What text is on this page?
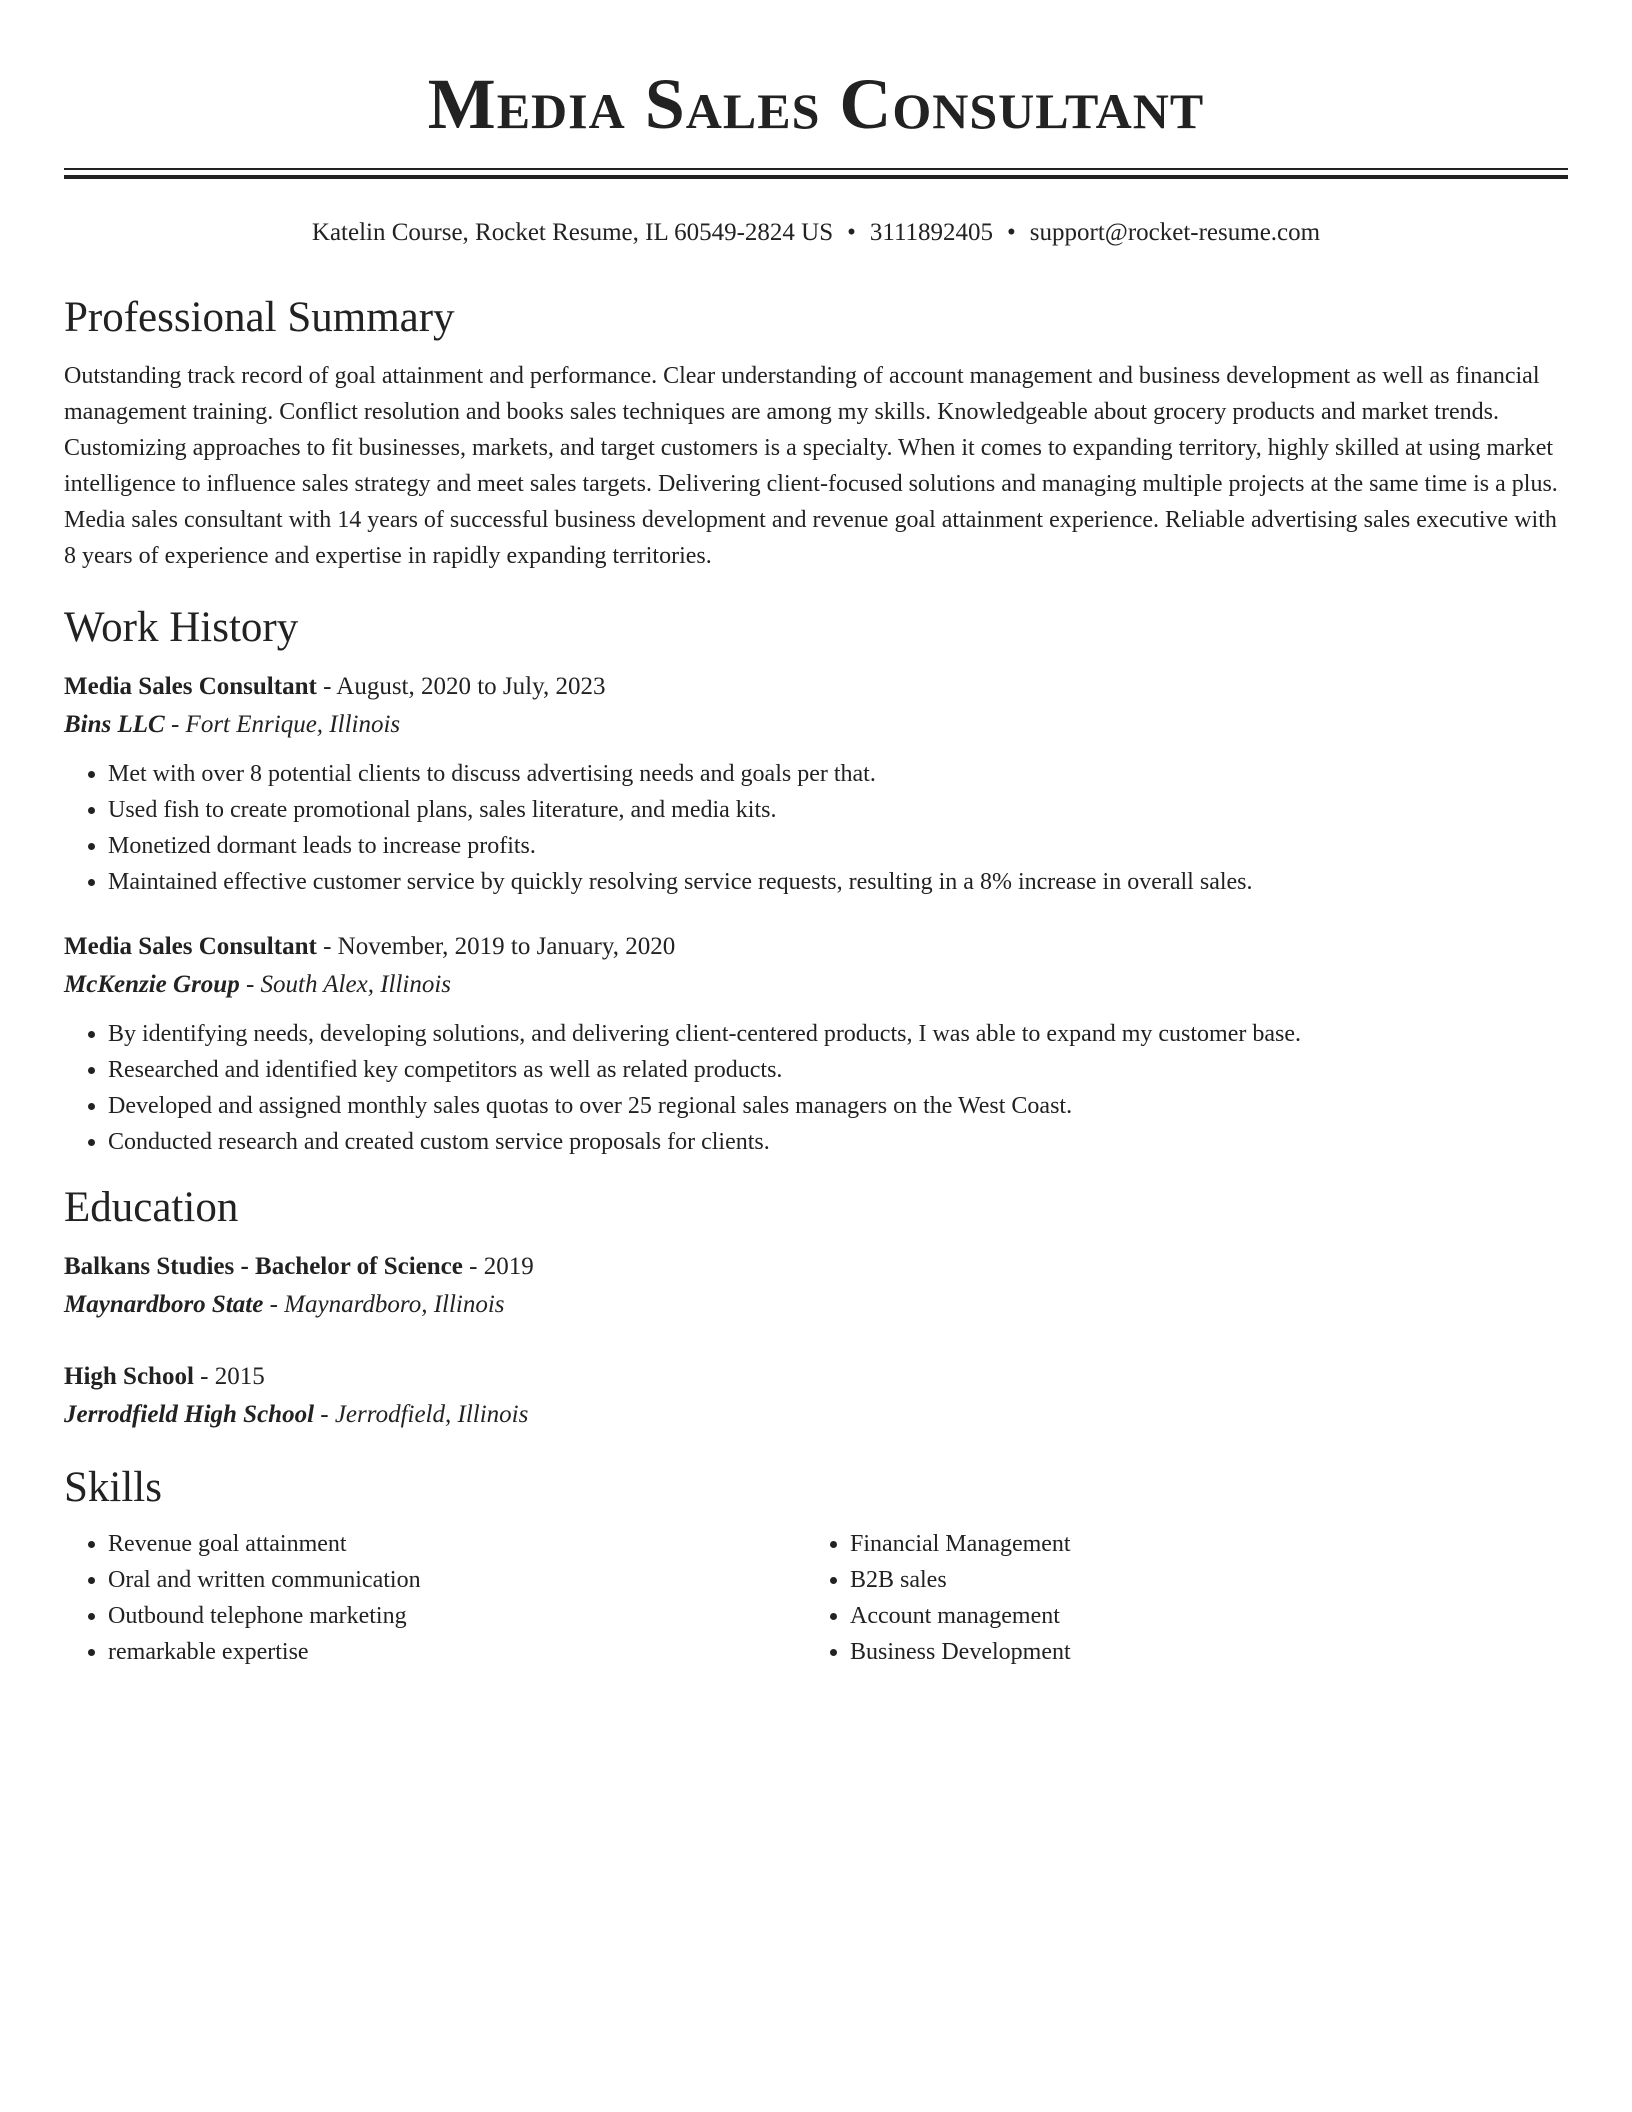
Media Sales Consultant
Katelin Course, Rocket Resume, IL 60549-2824 US • 3111892405 • support@rocket-resume.com
Professional Summary
Outstanding track record of goal attainment and performance. Clear understanding of account management and business development as well as financial management training. Conflict resolution and books sales techniques are among my skills. Knowledgeable about grocery products and market trends. Customizing approaches to fit businesses, markets, and target customers is a specialty. When it comes to expanding territory, highly skilled at using market intelligence to influence sales strategy and meet sales targets. Delivering client-focused solutions and managing multiple projects at the same time is a plus. Media sales consultant with 14 years of successful business development and revenue goal attainment experience. Reliable advertising sales executive with 8 years of experience and expertise in rapidly expanding territories.
Work History
Media Sales Consultant - August, 2020 to July, 2023
Bins LLC - Fort Enrique, Illinois
• Met with over 8 potential clients to discuss advertising needs and goals per that.
• Used fish to create promotional plans, sales literature, and media kits.
• Monetized dormant leads to increase profits.
• Maintained effective customer service by quickly resolving service requests, resulting in a 8% increase in overall sales.
Media Sales Consultant - November, 2019 to January, 2020
McKenzie Group - South Alex, Illinois
• By identifying needs, developing solutions, and delivering client-centered products, I was able to expand my customer base.
• Researched and identified key competitors as well as related products.
• Developed and assigned monthly sales quotas to over 25 regional sales managers on the West Coast.
• Conducted research and created custom service proposals for clients.
Education
Balkans Studies - Bachelor of Science - 2019
Maynardboro State - Maynardboro, Illinois
High School - 2015
Jerrodfield High School - Jerrodfield, Illinois
Skills
• Revenue goal attainment
• Oral and written communication
• Outbound telephone marketing
• remarkable expertise
• Financial Management
• B2B sales
• Account management
• Business Development
